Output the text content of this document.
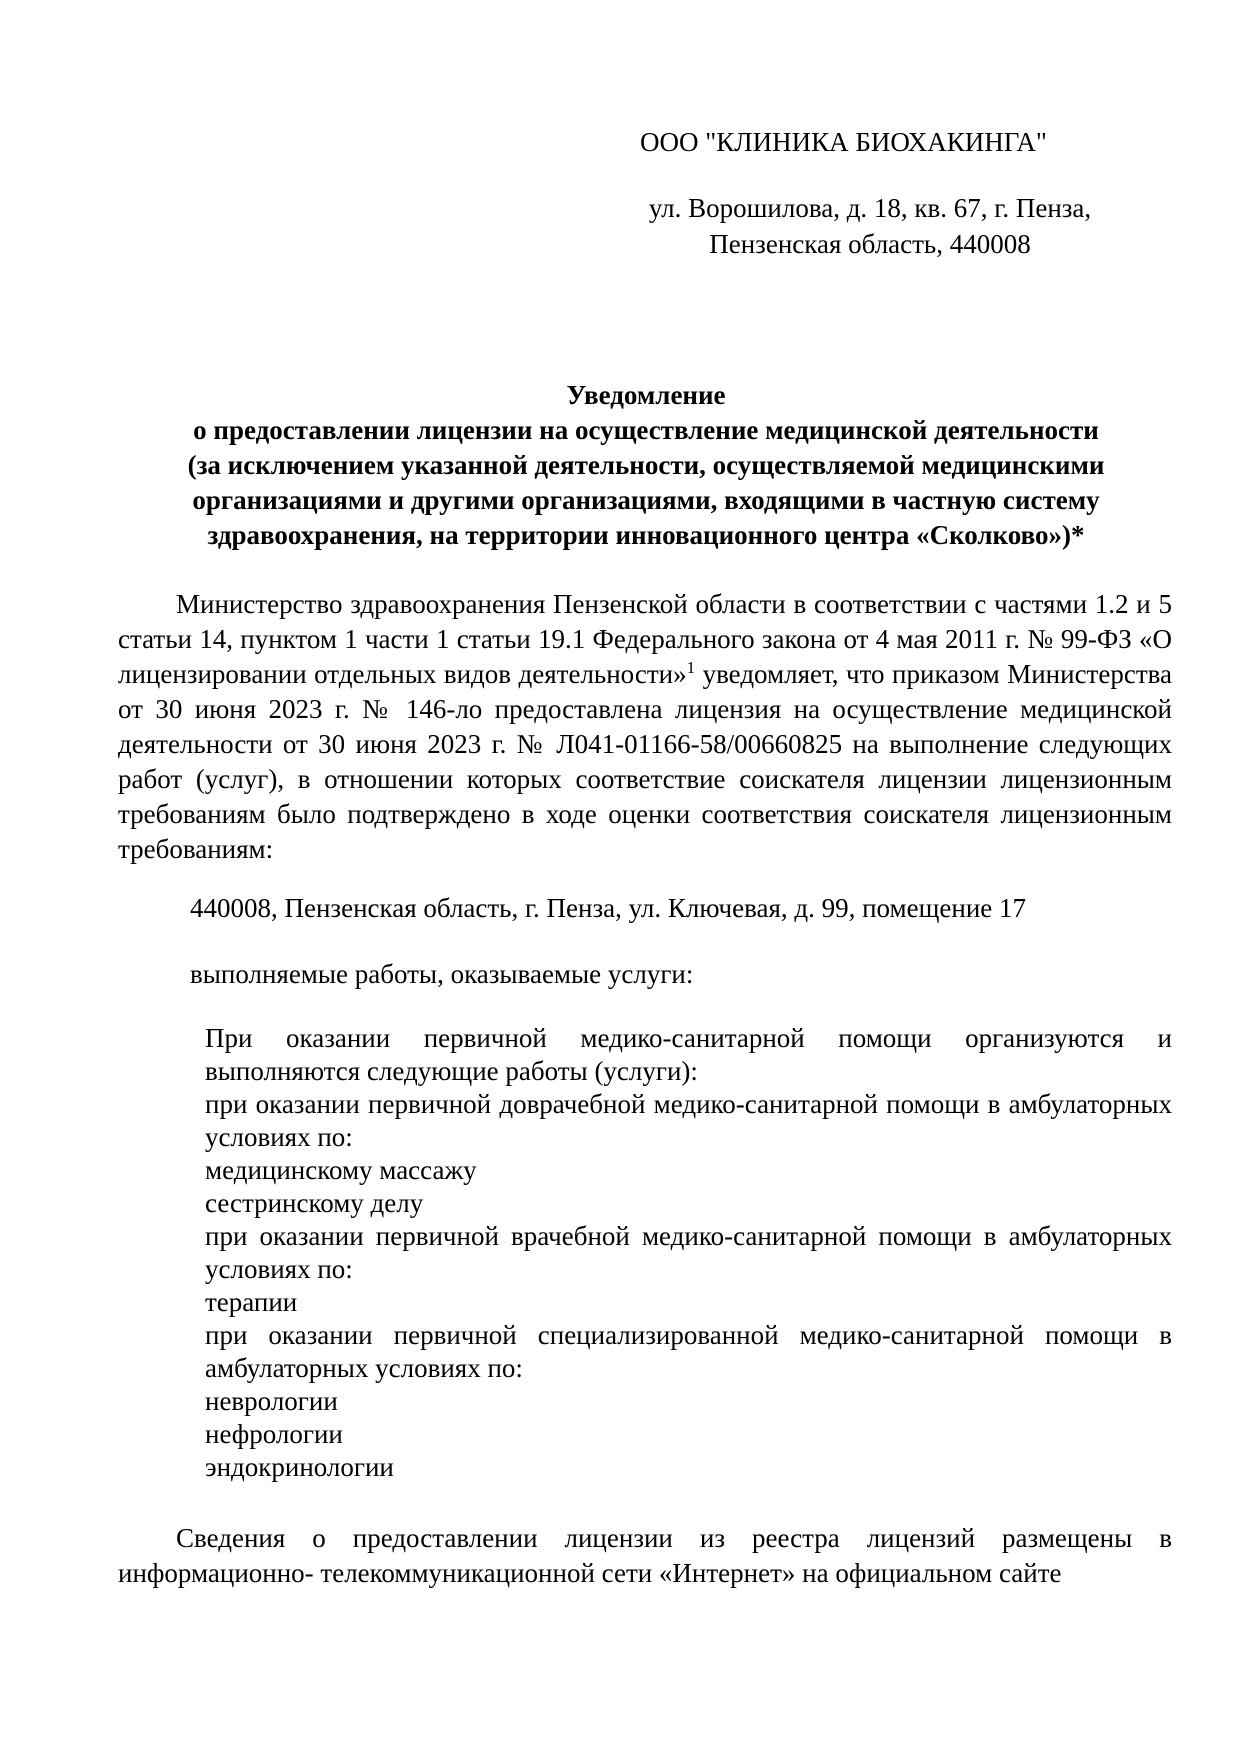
ООО "КЛИНИКА БИОХАКИНГА"
ул. Ворошилова, д. 18, кв. 67, г. Пенза,
Пензенская область, 440008
Уведомление
о предоставлении лицензии на осуществление медицинской деятельности
(за исключением указанной деятельности, осуществляемой медицинскими
организациями и другими организациями, входящими в частную систему
здравоохранения, на территории инновационного центра «Сколково»)*
Министерство здравоохранения Пензенской области в соответствии с частями 1.2 и 5 статьи 14, пунктом 1 части 1 статьи 19.1 Федерального закона от 4 мая 2011 г. № 99-ФЗ «О лицензировании отдельных видов деятельности»$^1$ уведомляет, что приказом Министерства от 30 июня 2023 г. № 146-ло предоставлена лицензия на осуществление медицинской деятельности от 30 июня 2023 г. № Л041-01166-58/00660825 на выполнение следующих работ (услуг), в отношении которых соответствие соискателя лицензии лицензионным требованиям было подтверждено в ходе оценки соответствия соискателя лицензионным требованиям:
440008, Пензенская область, г. Пенза, ул. Ключевая, д. 99, помещение 17
выполняемые работы, оказываемые услуги:
При оказании первичной медико-санитарной помощи организуются и выполняются следующие работы (услуги):
при оказании первичной доврачебной медико-санитарной помощи в амбулаторных условиях по:
медицинскому массажу
сестринскому делу
при оказании первичной врачебной медико-санитарной помощи в амбулаторных условиях по:
терапии
при оказании первичной специализированной медико-санитарной помощи в амбулаторных условиях по:
неврологии
нефрологии
эндокринологии
Сведения о предоставлении лицензии из реестра лицензий размещены в информационно- телекоммуникационной сети «Интернет» на официальном сайте
